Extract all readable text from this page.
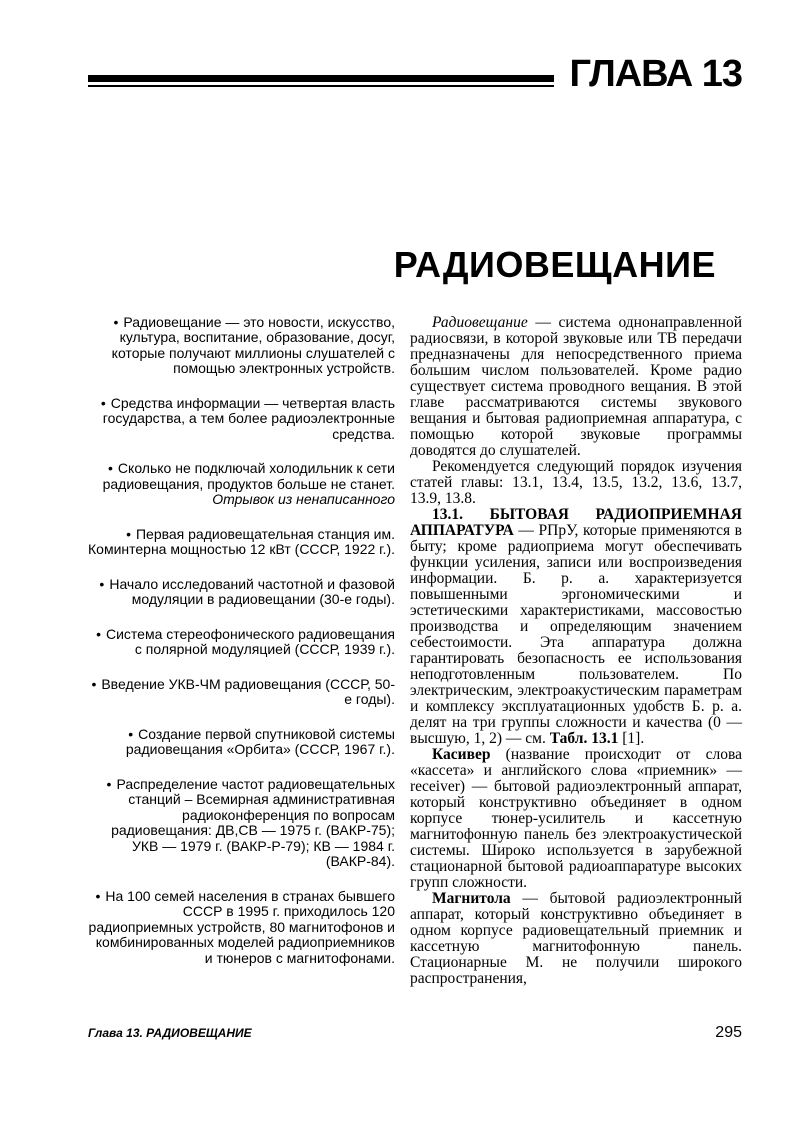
ГЛАВА 13
РАДИОВЕЩАНИЕ
• Радиовещание — это новости, искусство, культура, воспитание, образование, досуг, которые получают миллионы слушателей с помощью электронных устройств.
• Средства информации — четвертая власть государства, а тем более радиоэлектронные средства.
• Сколько не подключай холодильник к сети радиовещания, продуктов больше не станет.
Отрывок из ненаписанного
• Первая радиовещательная станция им. Коминтерна мощностью 12 кВт (СССР, 1922 г.).
• Начало исследований частотной и фазовой модуляции в радиовещании (30-е годы).
• Система стереофонического радиовещания с полярной модуляцией (СССР, 1939 г.).
• Введение УКВ-ЧМ радиовещания (СССР, 50-е годы).
• Создание первой спутниковой системы радиовещания «Орбита» (СССР, 1967 г.).
• Распределение частот радиовещательных станций – Всемирная административная радиоконференция по вопросам радиовещания: ДВ,СВ — 1975 г. (ВАКР-75); УКВ — 1979 г. (ВАКР-Р-79); КВ — 1984 г. (ВАКР-84).
• На 100 семей населения в странах бывшего СССР в 1995 г. приходилось 120 радиоприемных устройств, 80 магнитофонов и комбинированных моделей радиоприемников и тюнеров с магнитофонами.

Радиовещание — система однонаправленной радиосвязи, в которой звуковые или ТВ передачи предназначены для непосредственного приема большим числом пользователей. Кроме радио существует система проводного вещания. В этой главе рассматриваются системы звукового вещания и бытовая радиоприемная аппаратура, с помощью которой звуковые программы доводятся до слушателей.

Рекомендуется следующий порядок изучения статей главы: 13.1, 13.4, 13.5, 13.2, 13.6, 13.7, 13.9, 13.8.

13.1. БЫТОВАЯ РАДИОПРИЕМНАЯ АППАРАТУРА — РПрУ, которые применяются в быту; кроме радиоприема могут обеспечивать функции усиления, записи или воспроизведения информации. Б. р. а. характеризуется повышенными эргономическими и эстетическими характеристиками, массовостью производства и определяющим значением себестоимости. Эта аппаратура должна гарантировать безопасность ее использования неподготовленным пользователем. По электрическим, электроакустическим параметрам и комплексу эксплуатационных удобств Б. р. а. делят на три группы сложности и качества (0 — высшую, 1, 2) — см. Табл. 13.1 [1].

Касивер (название происходит от слова «кассета» и английского слова «приемник» — receiver) — бытовой радиоэлектронный аппарат, который конструктивно объединяет в одном корпусе тюнер-усилитель и кассетную магнитофонную панель без электроакустической системы. Широко используется в зарубежной стационарной бытовой радиоаппаратуре высоких групп сложности.

Магнитола — бытовой радиоэлектронный аппарат, который конструктивно объединяет в одном корпусе радиовещательный приемник и кассетную магнитофонную панель. Стационарные М. не получили широкого распространения,

Глава 13. РАДИОВЕЩАНИЕ	295
